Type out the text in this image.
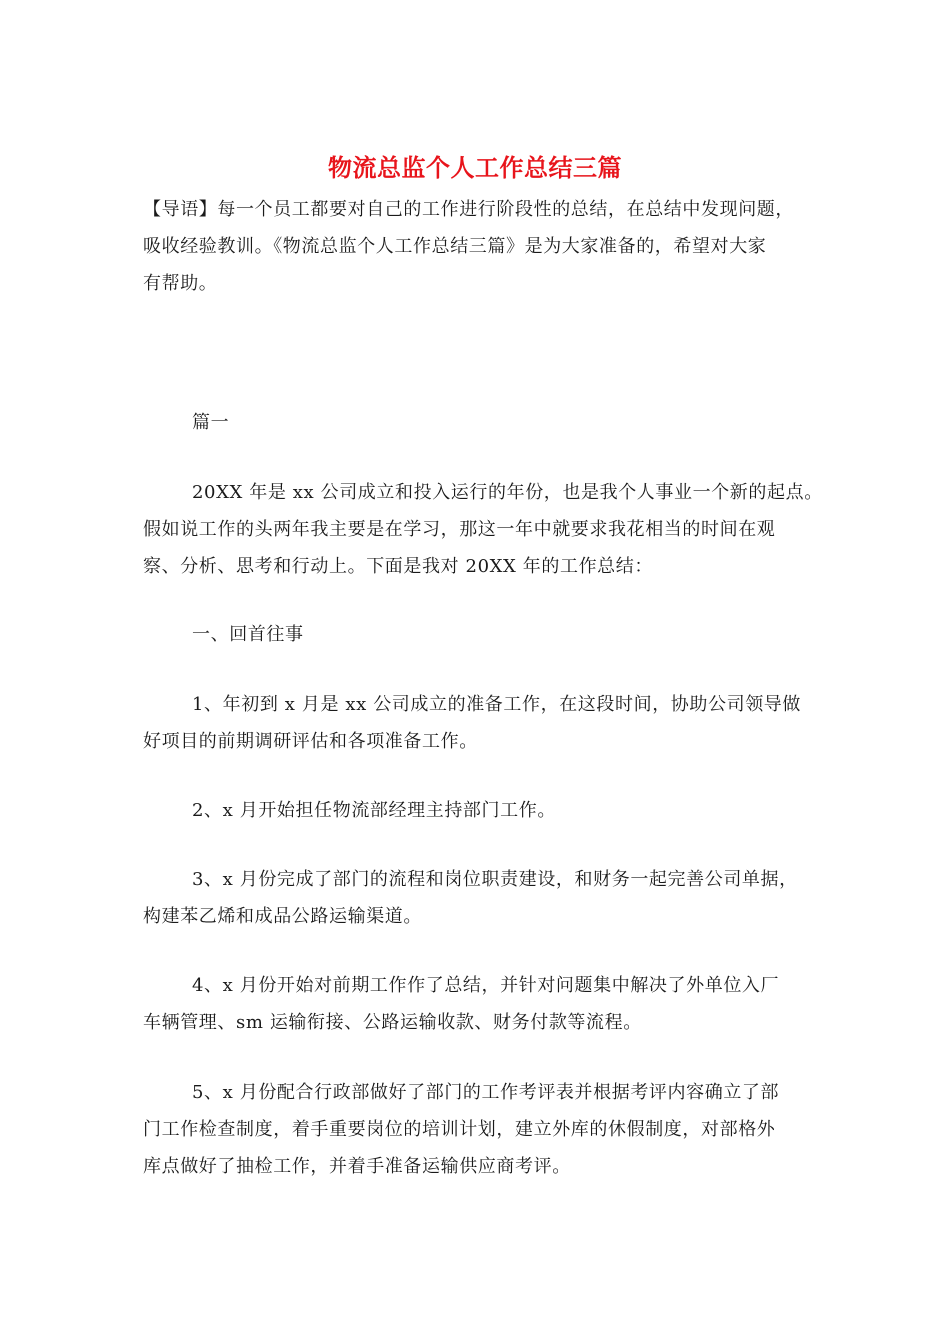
物流总监个人工作总结三篇
【导语】每一个员工都要对自己的工作进行阶段性的总结，在总结中发现问题，
吸收经验教训。《物流总监个人工作总结三篇》是为大家准备的，希望对大家
有帮助。
篇一
20XX 年是 xx 公司成立和投入运行的年份，也是我个人事业一个新的起点。
假如说工作的头两年我主要是在学习，那这一年中就要求我花相当的时间在观
察、分析、思考和行动上。下面是我对 20XX 年的工作总结：
一、回首往事
1、年初到 x 月是 xx 公司成立的准备工作，在这段时间，协助公司领导做
好项目的前期调研评估和各项准备工作。
2、x 月开始担任物流部经理主持部门工作。
3、x 月份完成了部门的流程和岗位职责建设，和财务一起完善公司单据，
构建苯乙烯和成品公路运输渠道。
4、x 月份开始对前期工作作了总结，并针对问题集中解决了外单位入厂
车辆管理、sm 运输衔接、公路运输收款、财务付款等流程。
5、x 月份配合行政部做好了部门的工作考评表并根据考评内容确立了部
门工作检查制度，着手重要岗位的培训计划，建立外库的休假制度，对部格外
库点做好了抽检工作，并着手准备运输供应商考评。
